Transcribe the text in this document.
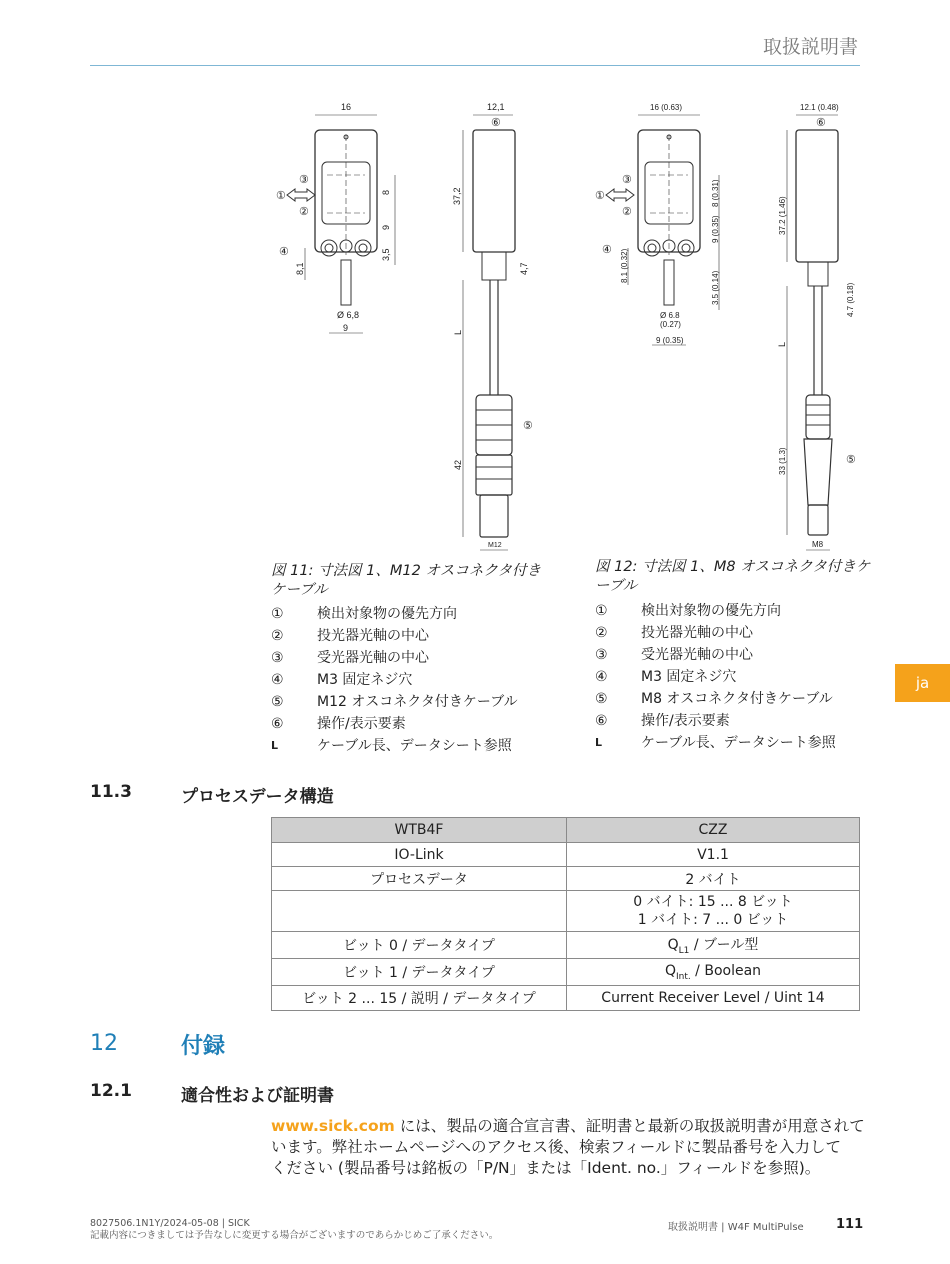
取扱説明書
16
8
9
3,5
8,1
Ø 6,8
9
①
③
②
④
12,1
⑥
37,2
4,7
L
42
⑤
M12
16 (0.63)
8 (0.31)
9 (0.35)
3.5 (0.14)
8.1 (0.32)
Ø 6.8
(0.27)
9 (0.35)
①
③
②
④
12.1 (0.48)
⑥
37.2 (1.46)
4.7 (0.18)
L
33 (1.3)	⑤
M8
図 11: 寸法図 1、M12 オスコネクタ付き
ケーブル
図 12: 寸法図 1、M8 オスコネクタ付きケ
ーブル
①	検出対象物の優先方向
②	投光器光軸の中心
③	受光器光軸の中心
④	M3 固定ネジ穴
⑤	M12 オスコネクタ付きケーブル
⑥	操作/表示要素
L	ケーブル長、データシート参照
①	検出対象物の優先方向
②	投光器光軸の中心
③	受光器光軸の中心
④	M3 固定ネジ穴
⑤	M8 オスコネクタ付きケーブル
⑥	操作/表示要素
L	ケーブル長、データシート参照
ja
11.3	プロセスデータ構造
WTB4F	CZZ
IO-Link	V1.1
プロセスデータ	2 バイト

	0 バイト: 15 ... 8 ビット
1 バイト: 7 ... 0 ビット

ビット 0 / データタイプ	$Q_{L1}$ / ブール型
ビット 1 / データタイプ	$Q_{Int.}$ / Boolean
ビット 2 ... 15 / 説明 / データタイプ	Current Receiver Level / Uint 14
12	付録
12.1	適合性および証明書
www.sick.com には、製品の適合宣言書、証明書と最新の取扱説明書が用意されて
います。弊社ホームページへのアクセス後、検索フィールドに製品番号を入力して
ください (製品番号は銘板の「P/N」または「Ident. no.」フィールドを参照)。
8027506.1N1Y/2024-05-08 | SICK
記載内容につきましては予告なしに変更する場合がございますのであらかじめご了承ください。
取扱説明書 | W4F MultiPulse 111
